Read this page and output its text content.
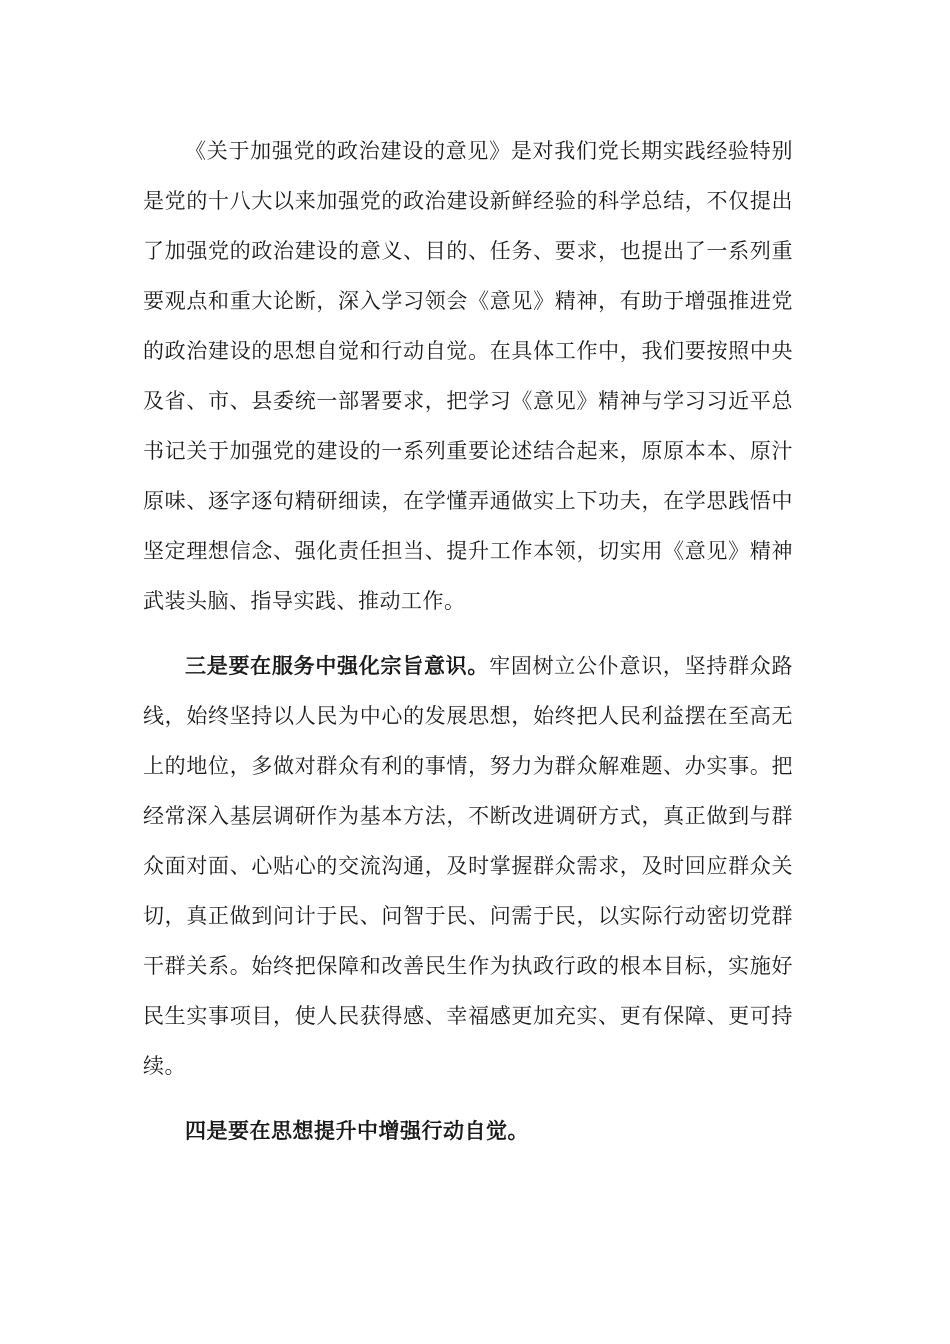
《关于加强党的政治建设的意见》是对我们党长期实践经验特别是党的十八大以来加强党的政治建设新鲜经验的科学总结，不仅提出了加强党的政治建设的意义、目的、任务、要求，也提出了一系列重要观点和重大论断，深入学习领会《意见》精神，有助于增强推进党的政治建设的思想自觉和行动自觉。在具体工作中，我们要按照中央及省、市、县委统一部署要求，把学习《意见》精神与学习习近平总书记关于加强党的建设的一系列重要论述结合起来，原原本本、原汁原味、逐字逐句精研细读，在学懂弄通做实上下功夫，在学思践悟中坚定理想信念、强化责任担当、提升工作本领，切实用《意见》精神武装头脑、指导实践、推动工作。

三是要在服务中强化宗旨意识。牢固树立公仆意识，坚持群众路线，始终坚持以人民为中心的发展思想，始终把人民利益摆在至高无上的地位，多做对群众有利的事情，努力为群众解难题、办实事。把经常深入基层调研作为基本方法，不断改进调研方式，真正做到与群众面对面、心贴心的交流沟通，及时掌握群众需求，及时回应群众关切，真正做到问计于民、问智于民、问需于民，以实际行动密切党群干群关系。始终把保障和改善民生作为执政行政的根本目标，实施好民生实事项目，使人民获得感、幸福感更加充实、更有保障、更可持续。

四是要在思想提升中增强行动自觉。
